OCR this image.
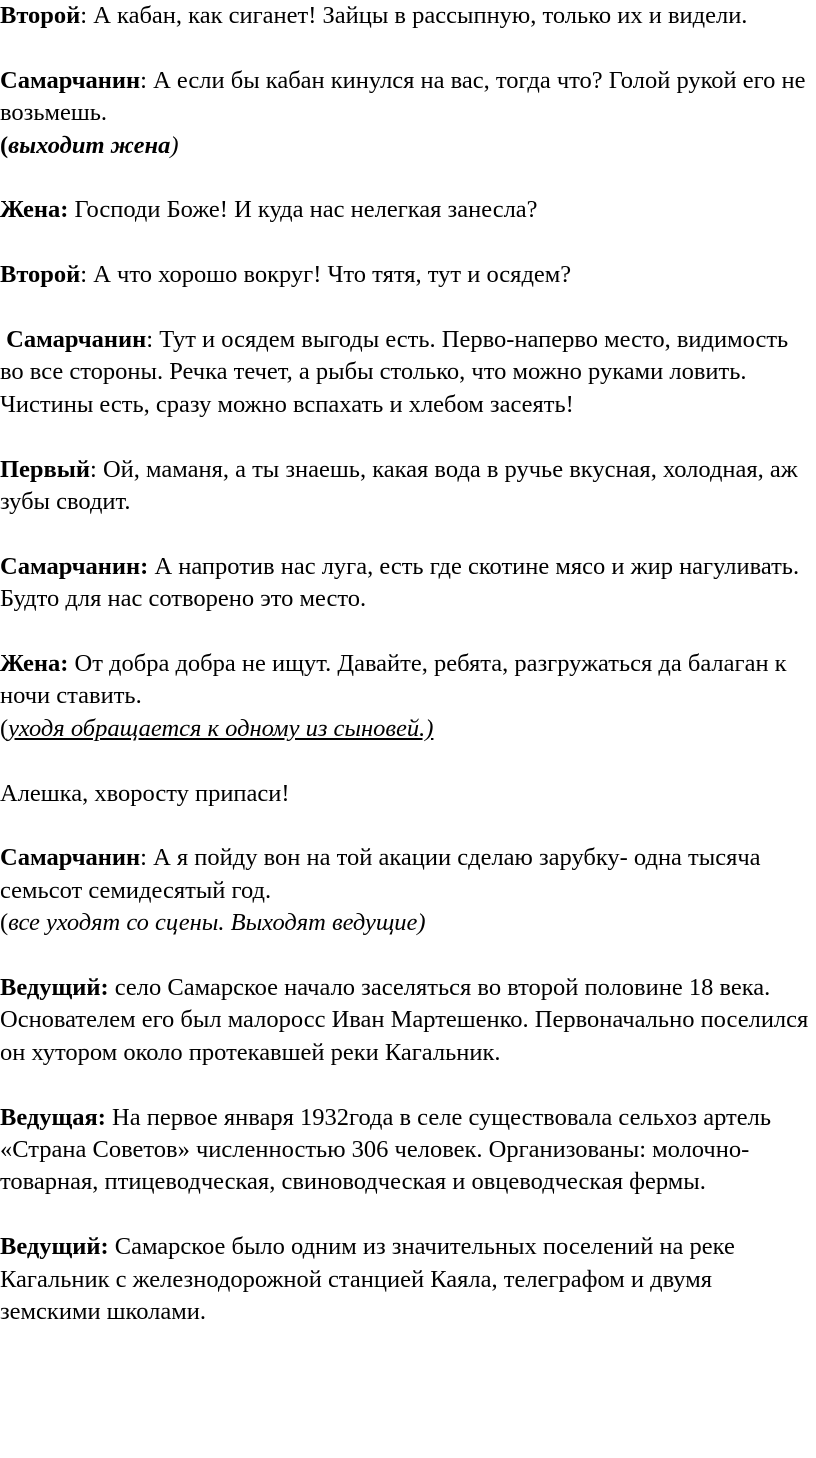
Второй: А кабан, как сиганет! Зайцы в рассыпную, только их и видели.

Самарчанин: А если бы кабан кинулся на вас, тогда что? Голой рукой его не возьмешь.

(выходит жена)

Жена: Господи Боже! И куда нас нелегкая занесла?

Второй: А что хорошо вокруг! Что тятя, тут и осядем?

Самарчанин: Тут и осядем выгоды есть. Перво-наперво место, видимость во все стороны. Речка течет, а рыбы столько, что можно руками ловить. Чистины есть, сразу можно вспахать и хлебом засеять!

Первый: Ой, маманя, а ты знаешь, какая вода в ручье вкусная, холодная, аж зубы сводит.

Самарчанин: А напротив нас луга, есть где скотине мясо и жир нагуливать. Будто для нас сотворено это место.

Жена: От добра добра не ищут. Давайте, ребята, разгружаться да балаган к ночи ставить.

(уходя обращается к одному из сыновей.)

Алешка, хворосту припаси!

Самарчанин: А я пойду вон на той акации сделаю зарубку- одна тысяча семьсот семидесятый год.

(все уходят со сцены. Выходят ведущие)

Ведущий: село Самарское начало заселяться во второй половине 18 века. Основателем его был малоросс Иван Мартешенко. Первоначально поселился он хутором около протекавшей реки Кагальник.

Ведущая: На первое января 1932года в селе существовала сельхоз артель «Страна Советов» численностью 306 человек. Организованы: молочно-товарная, птицеводческая, свиноводческая и овцеводческая фермы.

Ведущий: Самарское было одним из значительных поселений на реке Кагальник с железнодорожной станцией Каяла, телеграфом и двумя земскими школами.
